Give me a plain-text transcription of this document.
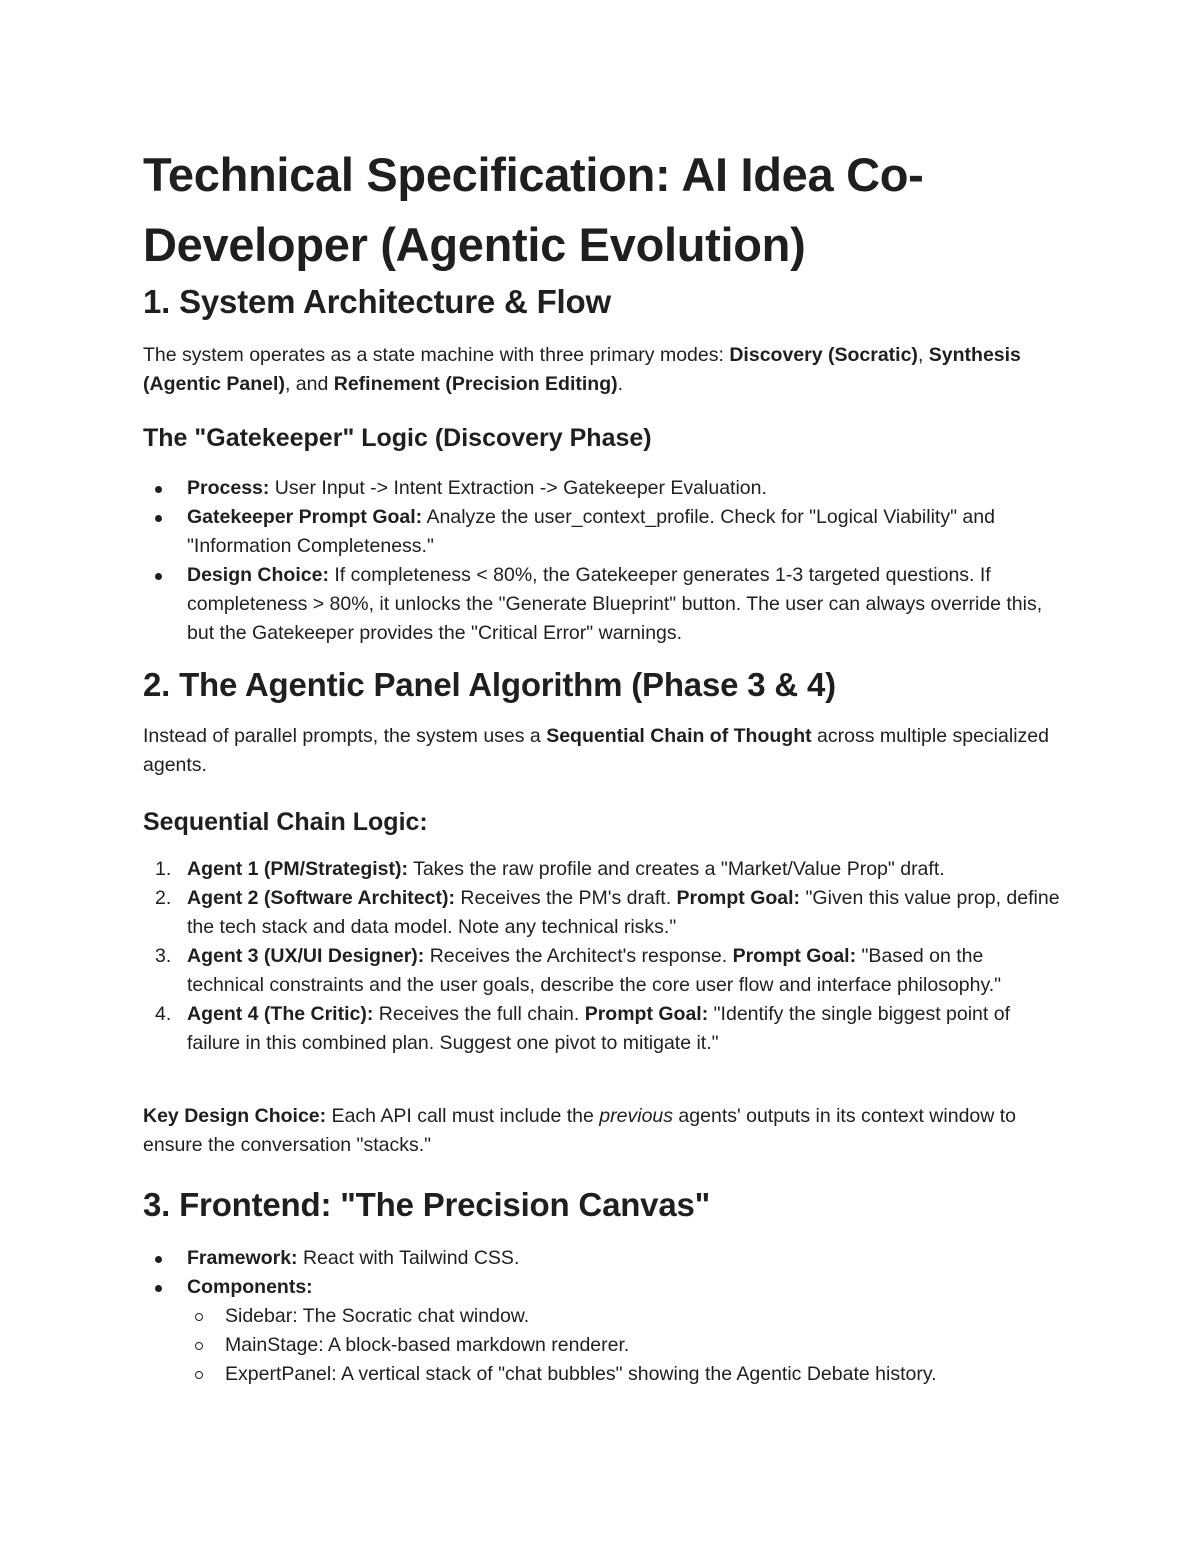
Technical Specification: AI Idea Co-Developer (Agentic Evolution)
1. System Architecture & Flow

The system operates as a state machine with three primary modes: Discovery (Socratic), Synthesis (Agentic Panel), and Refinement (Precision Editing).

The "Gatekeeper" Logic (Discovery Phase)
Process: User Input -> Intent Extraction -> Gatekeeper Evaluation.
Gatekeeper Prompt Goal: Analyze the user_context_profile. Check for "Logical Viability" and "Information Completeness."
Design Choice: If completeness < 80%, the Gatekeeper generates 1-3 targeted questions. If completeness > 80%, it unlocks the "Generate Blueprint" button. The user can always override this, but the Gatekeeper provides the "Critical Error" warnings.
2. The Agentic Panel Algorithm (Phase 3 & 4)

Instead of parallel prompts, the system uses a Sequential Chain of Thought across multiple specialized agents.

Sequential Chain Logic:
1. Agent 1 (PM/Strategist): Takes the raw profile and creates a "Market/Value Prop" draft.
2. Agent 2 (Software Architect): Receives the PM's draft. Prompt Goal: "Given this value prop, define the tech stack and data model. Note any technical risks."
3. Agent 3 (UX/UI Designer): Receives the Architect's response. Prompt Goal: "Based on the technical constraints and the user goals, describe the core user flow and interface philosophy."
4. Agent 4 (The Critic): Receives the full chain. Prompt Goal: "Identify the single biggest point of failure in this combined plan. Suggest one pivot to mitigate it."

Key Design Choice: Each API call must include the previous agents' outputs in its context window to ensure the conversation "stacks."

3. Frontend: "The Precision Canvas"
Framework: React with Tailwind CSS.
Components:
Sidebar: The Socratic chat window.
MainStage: A block-based markdown renderer.
ExpertPanel: A vertical stack of "chat bubbles" showing the Agentic Debate history.
